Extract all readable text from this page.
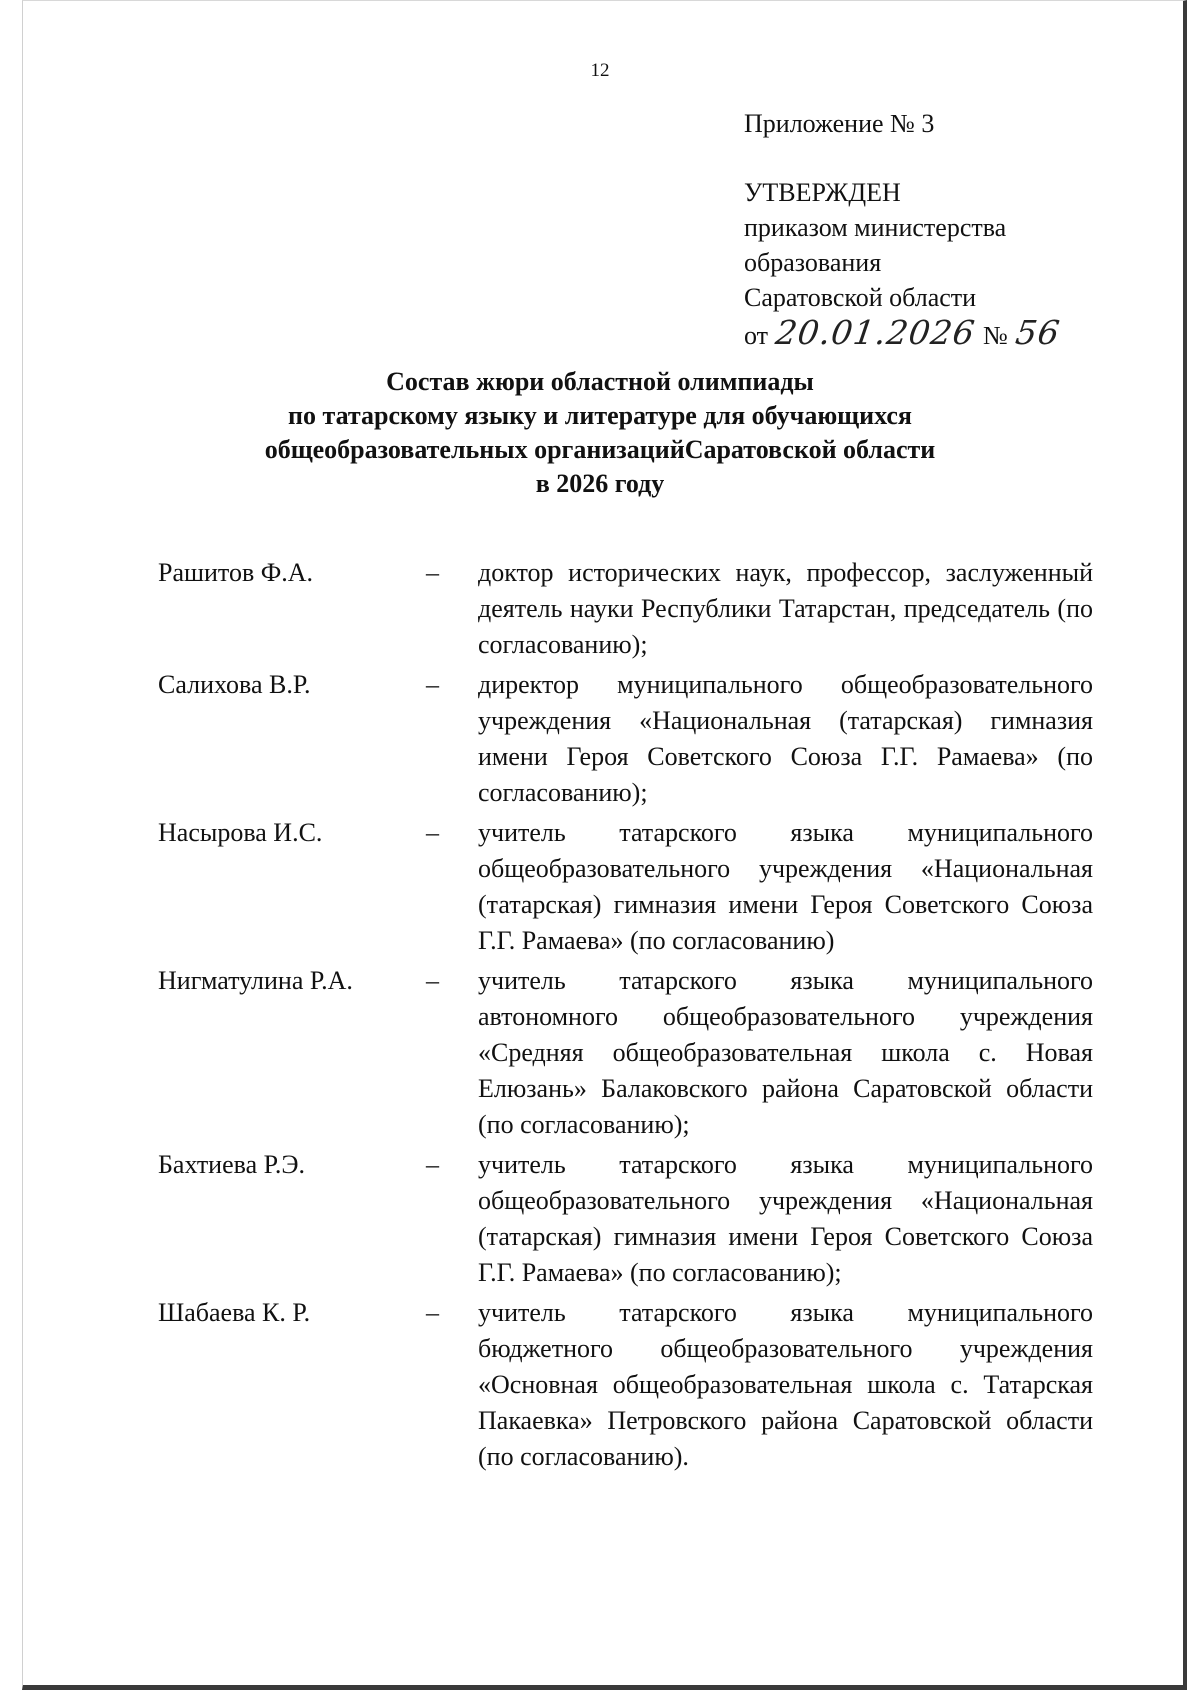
12
Приложение № 3
УТВЕРЖДЕН
приказом министерства
образования
Саратовской области
от 20.01.2026 № 56
Состав жюри областной олимпиады
по татарскому языку и литературе для обучающихся
общеобразовательных организацийСаратовской области
в 2026 году
Рашитов Ф.А.	–	доктор исторических наук, профессор, заслуженный деятель науки Республики Татарстан, председатель (по согласованию);
Салихова В.Р.	–	директор муниципального общеобразовательного учреждения «Национальная (татарская) гимназия имени Героя Советского Союза Г.Г. Рамаева» (по согласованию);
Насырова И.С.	–	учитель татарского языка муниципального общеобразовательного учреждения «Национальная (татарская) гимназия имени Героя Советского Союза Г.Г. Рамаева» (по согласованию)
Нигматулина Р.А.	–	учитель татарского языка муниципального автономного общеобразовательного учреждения «Средняя общеобразовательная школа с. Новая Елюзань» Балаковского района Саратовской области (по согласованию);
Бахтиева Р.Э.	–	учитель татарского языка муниципального общеобразовательного учреждения «Национальная (татарская) гимназия имени Героя Советского Союза Г.Г. Рамаева» (по согласованию);
Шабаева К. Р.	–	учитель татарского языка муниципального бюджетного общеобразовательного учреждения «Основная общеобразовательная школа с. Татарская Пакаевка» Петровского района Саратовской области (по согласованию).
